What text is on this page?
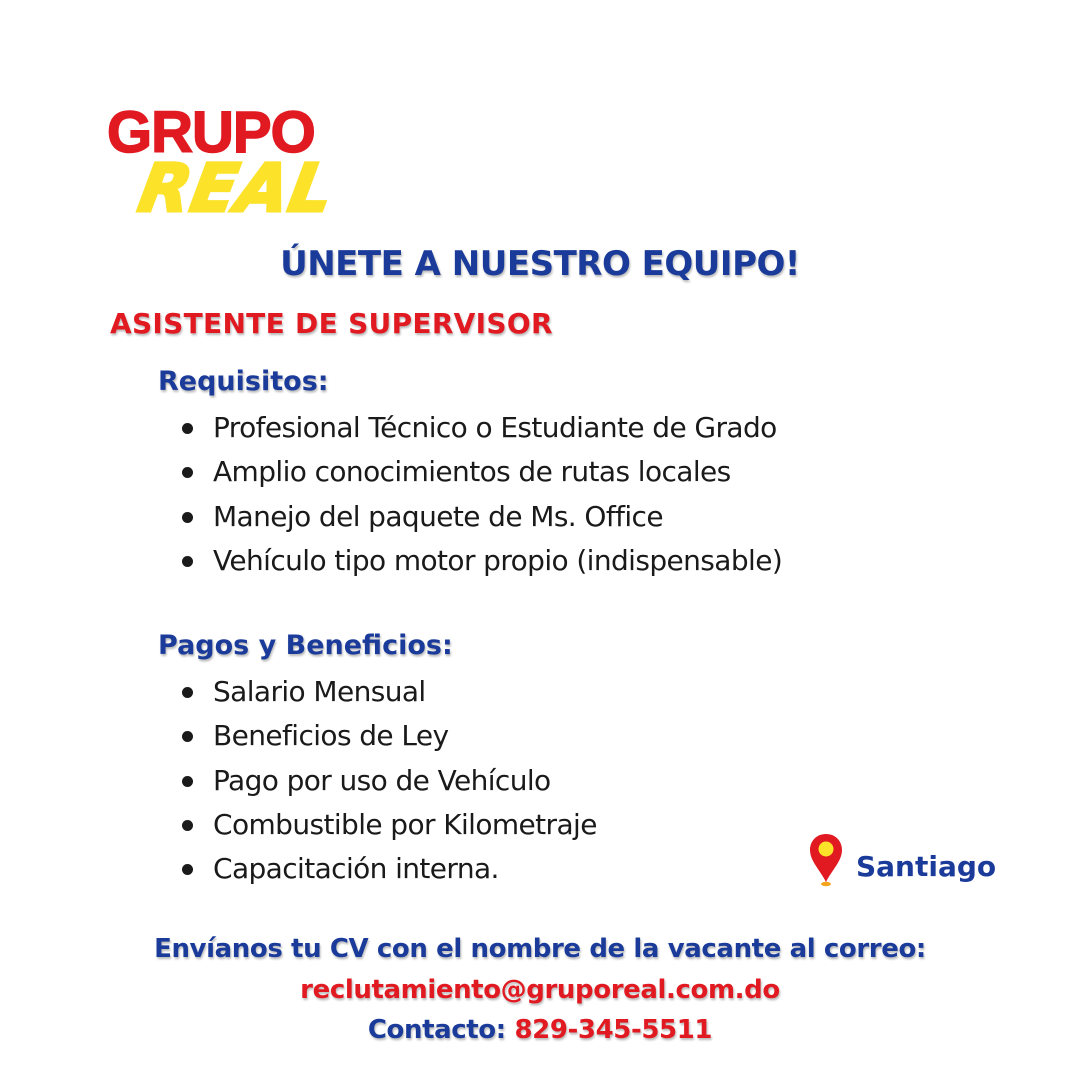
GRUPO
REAL
ÚNETE A NUESTRO EQUIPO!
ASISTENTE DE SUPERVISOR
Requisitos:
Profesional Técnico o Estudiante de Grado
Amplio conocimientos de rutas locales
Manejo del paquete de Ms. Office
Vehículo tipo motor propio (indispensable)
Pagos y Beneficios:
Salario Mensual
Beneficios de Ley
Pago por uso de Vehículo
Combustible por Kilometraje
Capacitación interna.	Santiago
Envíanos tu CV con el nombre de la vacante al correo:
reclutamiento@gruporeal.com.do
Contacto: 829-345-5511
